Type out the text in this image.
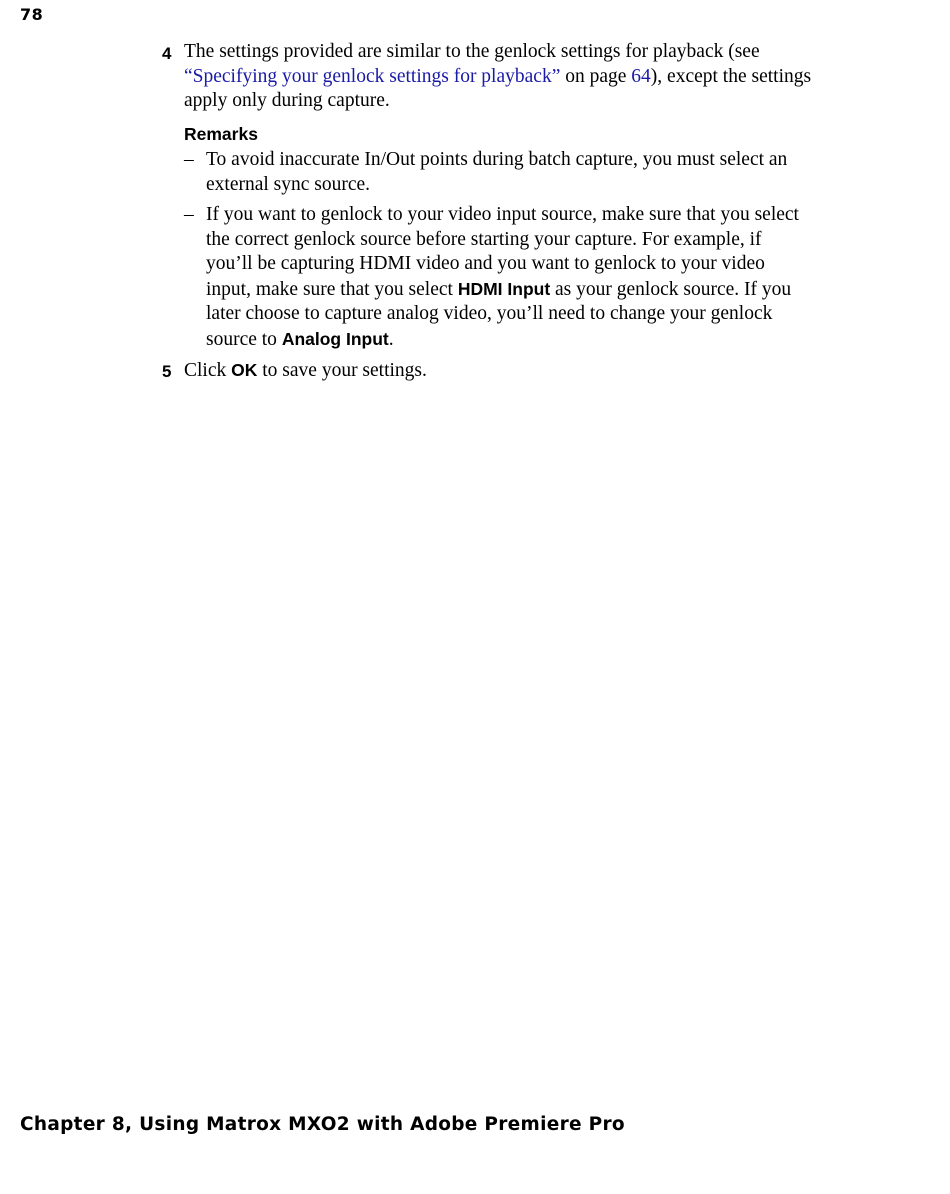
78
4 The settings provided are similar to the genlock settings for playback (see “Specifying your genlock settings for playback” on page 64), except the settings apply only during capture.
Remarks
– To avoid inaccurate In/Out points during batch capture, you must select an external sync source.
– If you want to genlock to your video input source, make sure that you select the correct genlock source before starting your capture. For example, if you’ll be capturing HDMI video and you want to genlock to your video input, make sure that you select HDMI Input as your genlock source. If you later choose to capture analog video, you’ll need to change your genlock source to Analog Input.
5 Click OK to save your settings.
Chapter 8, Using Matrox MXO2 with Adobe Premiere Pro
